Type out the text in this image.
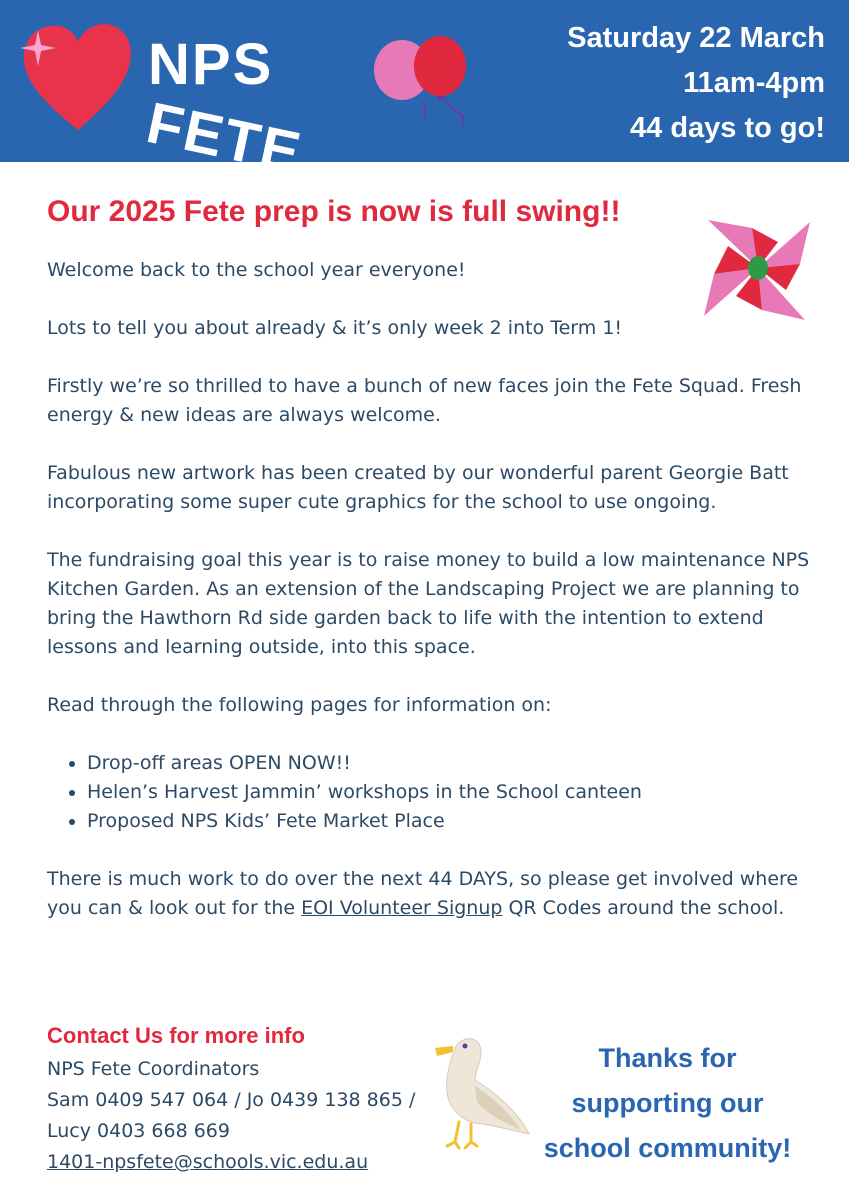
NPS
FETE
Saturday 22 March
11am-4pm
44 days to go!
Our 2025 Fete prep is now is full swing!!

Welcome back to the school year everyone!

Lots to tell you about already & it’s only week 2 into Term 1!

Firstly we’re so thrilled to have a bunch of new faces join the Fete Squad. Fresh energy & new ideas are always welcome.

Fabulous new artwork has been created by our wonderful parent Georgie Batt incorporating some super cute graphics for the school to use ongoing.

The fundraising goal this year is to raise money to build a low maintenance NPS Kitchen Garden. As an extension of the Landscaping Project we are planning to bring the Hawthorn Rd side garden back to life with the intention to extend lessons and learning outside, into this space.

Read through the following pages for information on:

• Drop-off areas OPEN NOW!!
• Helen’s Harvest Jammin’ workshops in the School canteen
• Proposed NPS Kids’ Fete Market Place

There is much work to do over the next 44 DAYS, so please get involved where you can & look out for the EOI Volunteer Signup QR Codes around the school.

Contact Us for more info
NPS Fete Coordinators
Sam 0409 547 064 / Jo 0439 138 865 /
Lucy 0403 668 669
1401-npsfete@schools.vic.edu.au
Thanks for
supporting our
school community!
